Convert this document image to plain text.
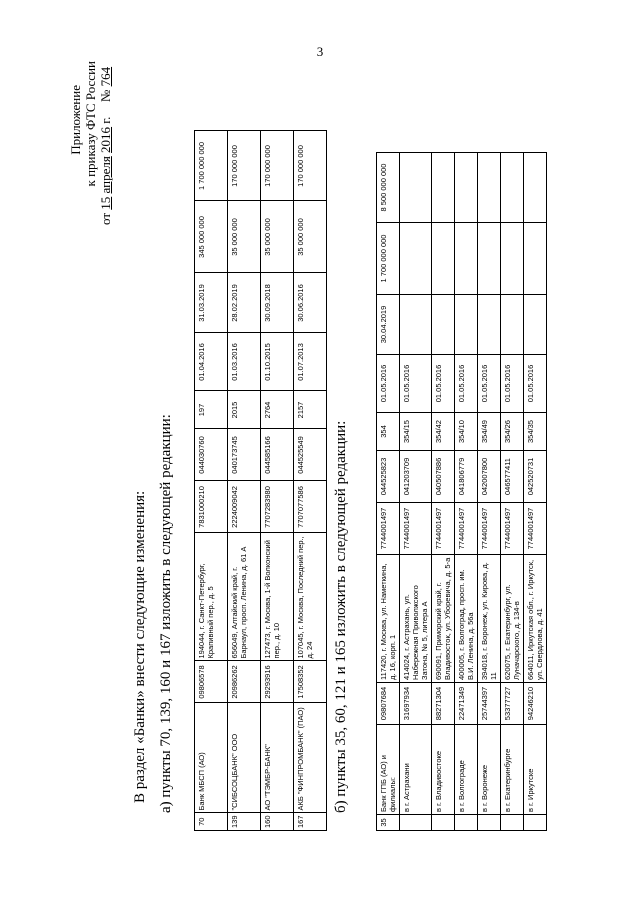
3
Приложение к приказу ФТС России
от 15 апреля 2016 г.  № 764
В раздел «Банки» внести следующие изменения: а) пункты 70, 139, 160 и 167 изложить в следующей редакции:
70	Банк МБСП (АО)	09806578	194044, г. Санкт-Петербург, Крапивный пер., д. 5	7831000210	044030760	197	01.04.2016	31.03.2019	345 000 000	1 700 000 000
139	"СИБСОЦБАНК" ООО	20986262	656049, Алтайский край, г. Барнаул, просп. Ленина, д. 61 А	2224009042	040173745	2015	01.03.2016	28.02.2019	35 000 000	170 000 000
160	АО "ТЭМБР-БАНК"	29293916	127473, г. Москва, 1-й Волконский пер., д. 10	7707283980	044585166	2764	01.10.2015	30.09.2018	35 000 000	170 000 000
167	АКБ "ФИНПРОМБАНК" (ПАО)	17508352	107045, г. Москва, Последний пер., д. 24	7707077586	044525549	2157	01.07.2013	30.06.2016	35 000 000	170 000 000
б) пункты 35, 60, 121 и 165 изложить в следующей редакции:
35	Банк ГПБ (АО) и филиалы:	09807684	117420, г. Москва, ул. Наметкина, д. 16, корп. 1	7744001497	044525823	354	01.05.2016	30.04.2019	1 700 000 000	8 500 000 000
	в г. Астрахани	31697934	414024, г. Астрахань, ул. Набережная Приволжского Затона, № 5, литера А	7744001497	041203709	354/15	01.05.2016			
	в г. Владивостоке	88271304	690091, Приморский край, г. Владивосток, ул. Уборевича, д. 5-а	7744001497	040507886	354/42	01.05.2016			
	в г. Волгограде	22471349	400005, г. Волгоград, просп. им. В.И. Ленина, д. 56а	7744001497	041806779	354/10	01.05.2016			
	в г. Воронеже	25744397	394018, г. Воронеж, ул. Кирова, д. 11	7744001497	042007800	354/49	01.05.2016			
	в г. Екатеринбурге	53377727	620075, г. Екатеринбург, ул. Луначарского, д. 134-в	7744001497	046577411	354/26	01.05.2016			
	в г. Иркутске	94246210	664011, Иркутская обл., г. Иркутск, ул. Свердлова, д. 41	7744001497	042520731	354/35	01.05.2016			
